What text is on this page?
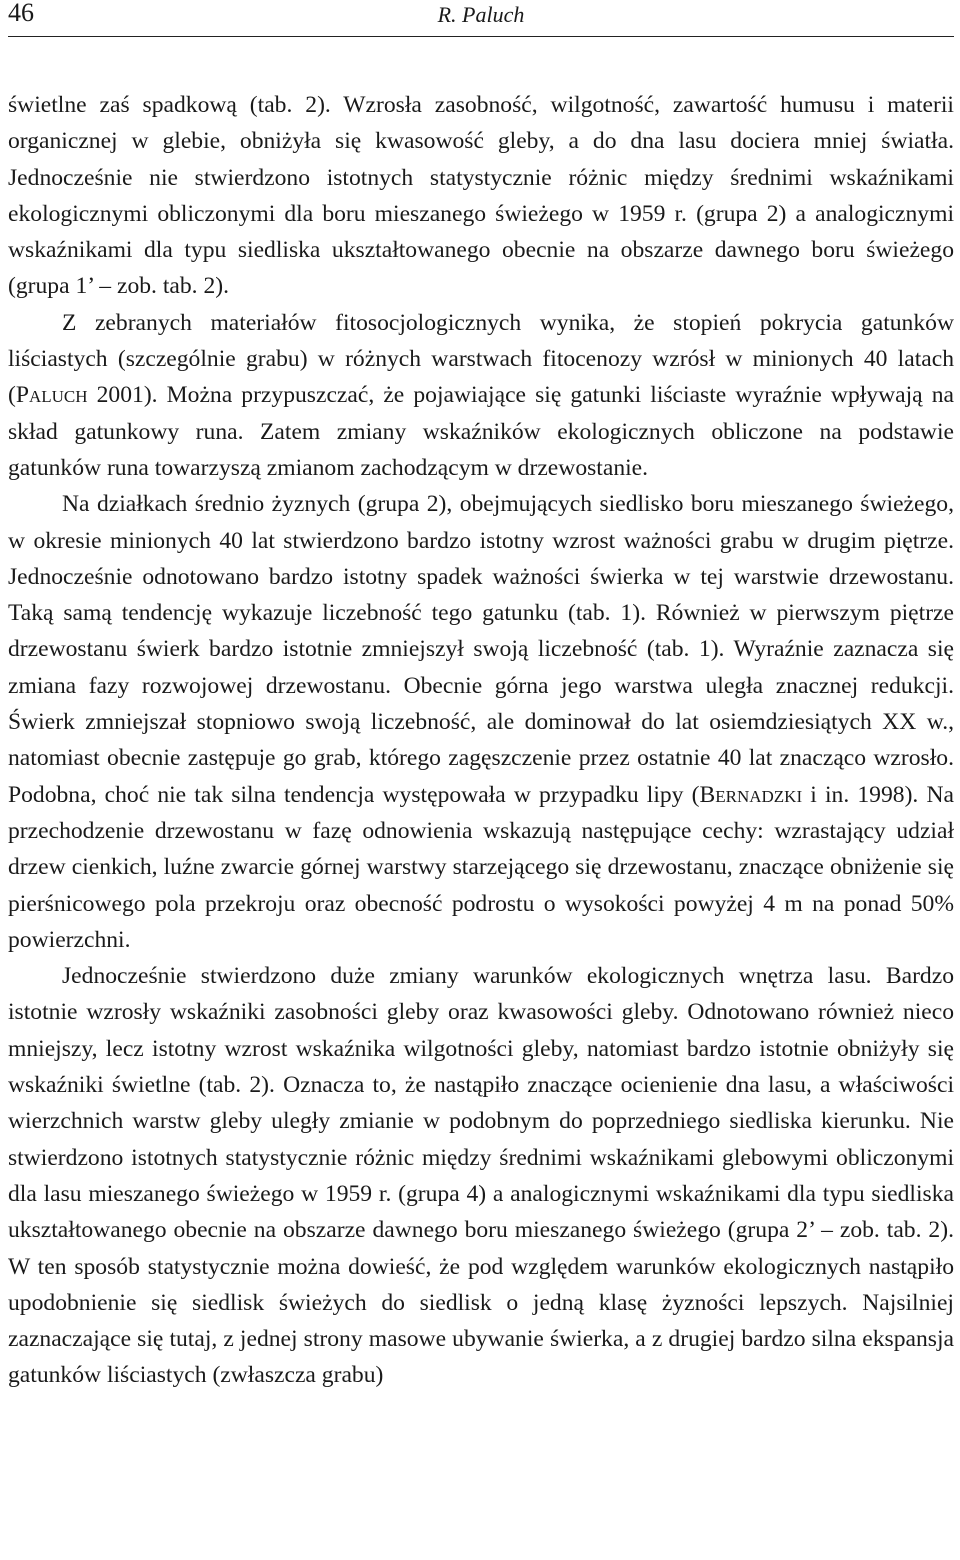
46	R. Paluch

świetlne zaś spadkową (tab. 2). Wzrosła zasobność, wilgotność, zawartość humusu i materii organicznej w glebie, obniżyła się kwasowość gleby, a do dna lasu dociera mniej światła. Jednocześnie nie stwierdzono istotnych statystycznie różnic między średnimi wskaźnikami ekologicznymi obliczonymi dla boru mieszanego świeżego w 1959 r. (grupa 2) a analogicznymi wskaźnikami dla typu siedliska ukształtowanego obecnie na obszarze dawnego boru świeżego (grupa 1’ – zob. tab. 2).

Z zebranych materiałów fitosocjologicznych wynika, że stopień pokrycia gatunków liściastych (szczególnie grabu) w różnych warstwach fitocenozy wzrósł w minionych 40 latach (Paluch 2001). Można przypuszczać, że pojawiające się gatunki liściaste wyraźnie wpływają na skład gatunkowy runa. Zatem zmiany wskaźników ekologicznych obliczone na podstawie gatunków runa towarzyszą zmianom zachodzącym w drzewostanie.

Na działkach średnio żyznych (grupa 2), obejmujących siedlisko boru mieszanego świeżego, w okresie minionych 40 lat stwierdzono bardzo istotny wzrost ważności grabu w drugim piętrze. Jednocześnie odnotowano bardzo istotny spadek ważności świerka w tej warstwie drzewostanu. Taką samą tendencję wykazuje liczebność tego gatunku (tab. 1). Również w pierwszym piętrze drzewostanu świerk bardzo istotnie zmniejszył swoją liczebność (tab. 1). Wyraźnie zaznacza się zmiana fazy rozwojowej drzewostanu. Obecnie górna jego warstwa uległa znacznej redukcji. Świerk zmniejszał stopniowo swoją liczebność, ale dominował do lat osiemdziesiątych XX w., natomiast obecnie zastępuje go grab, którego zagęszczenie przez ostatnie 40 lat znacząco wzrosło. Podobna, choć nie tak silna tendencja występowała w przypadku lipy (Bernadzki i in. 1998). Na przechodzenie drzewostanu w fazę odnowienia wskazują następujące cechy: wzrastający udział drzew cienkich, luźne zwarcie górnej warstwy starzejącego się drzewostanu, znaczące obniżenie się pierśnicowego pola przekroju oraz obecność podrostu o wysokości powyżej 4 m na ponad 50% powierzchni.

Jednocześnie stwierdzono duże zmiany warunków ekologicznych wnętrza lasu. Bardzo istotnie wzrosły wskaźniki zasobności gleby oraz kwasowości gleby. Odnotowano również nieco mniejszy, lecz istotny wzrost wskaźnika wilgotności gleby, natomiast bardzo istotnie obniżyły się wskaźniki świetlne (tab. 2). Oznacza to, że nastąpiło znaczące ocienienie dna lasu, a właściwości wierzchnich warstw gleby uległy zmianie w podobnym do poprzedniego siedliska kierunku. Nie stwierdzono istotnych statystycznie różnic między średnimi wskaźnikami glebowymi obliczonymi dla lasu mieszanego świeżego w 1959 r. (grupa 4) a analogicznymi wskaźnikami dla typu siedliska ukształtowanego obecnie na obszarze dawnego boru mieszanego świeżego (grupa 2’ – zob. tab. 2). W ten sposób statystycznie można dowieść, że pod względem warunków ekologicznych nastąpiło upodobnienie się siedlisk świeżych do siedlisk o jedną klasę żyzności lepszych. Najsilniej zaznaczające się tutaj, z jednej strony masowe ubywanie świerka, a z drugiej bardzo silna ekspansja gatunków liściastych (zwłaszcza grabu)
